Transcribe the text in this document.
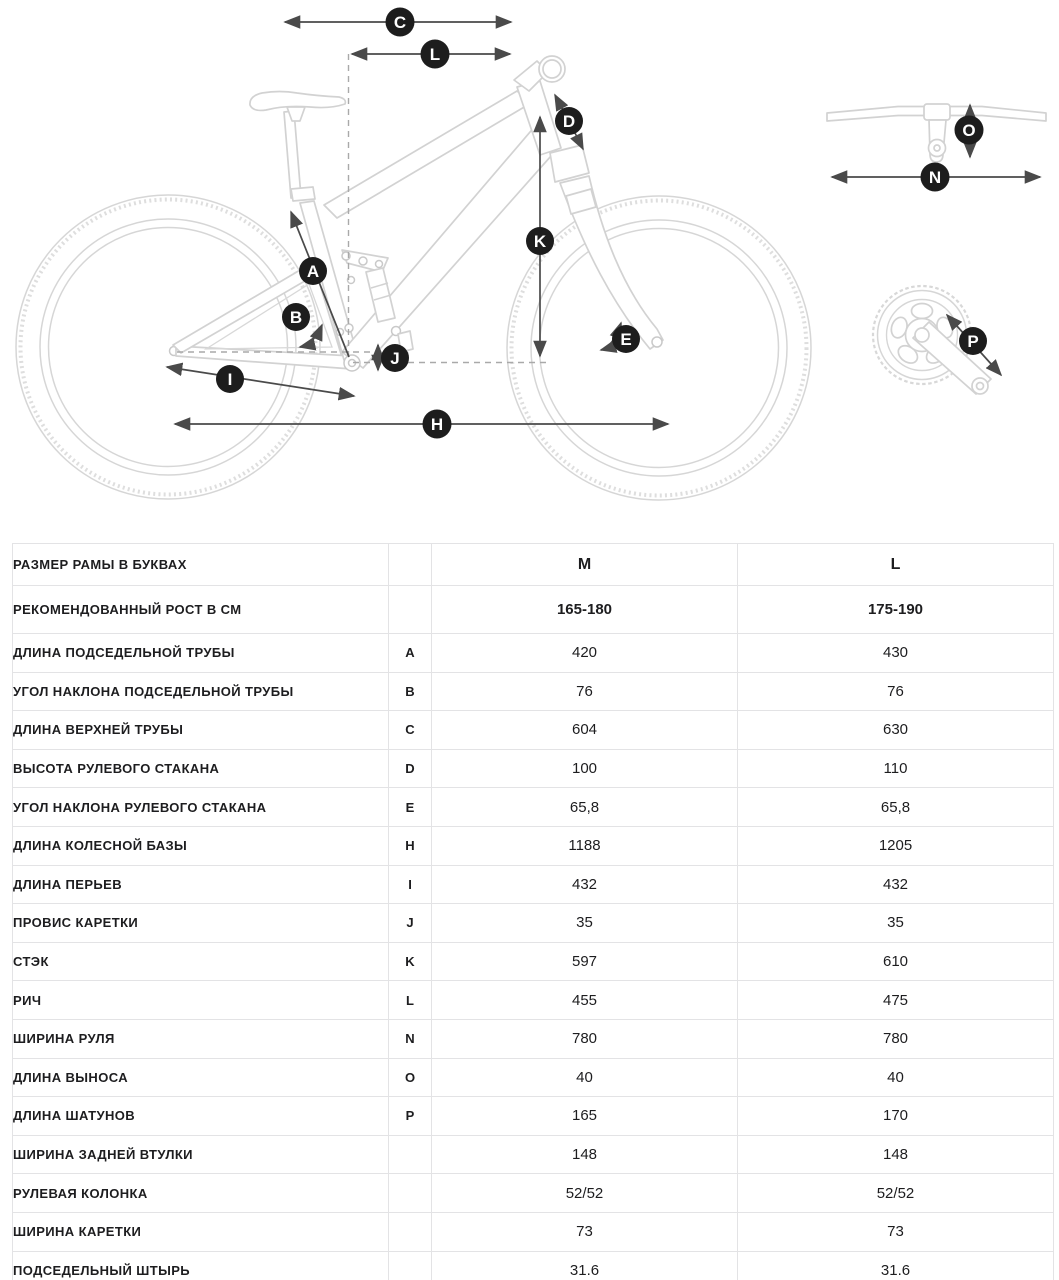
C
L
D
K
A
B
E
J
I
H
O
N
P
РАЗМЕР РАМЫ В БУКВАХ		M	L
РЕКОМЕНДОВАННЫЙ РОСТ В СМ		165-180	175-190
ДЛИНА ПОДСЕДЕЛЬНОЙ ТРУБЫ	A	420	430
УГОЛ НАКЛОНА ПОДСЕДЕЛЬНОЙ ТРУБЫ	B	76	76
ДЛИНА ВЕРХНЕЙ ТРУБЫ	C	604	630
ВЫСОТА РУЛЕВОГО СТАКАНА	D	100	110
УГОЛ НАКЛОНА РУЛЕВОГО СТАКАНА	E	65,8	65,8
ДЛИНА КОЛЕСНОЙ БАЗЫ	H	1188	1205
ДЛИНА ПЕРЬЕВ	I	432	432
ПРОВИС КАРЕТКИ	J	35	35
СТЭК	K	597	610
РИЧ	L	455	475
ШИРИНА РУЛЯ	N	780	780
ДЛИНА ВЫНОСА	O	40	40
ДЛИНА ШАТУНОВ	P	165	170
ШИРИНА ЗАДНЕЙ ВТУЛКИ		148	148
РУЛЕВАЯ КОЛОНКА		52/52	52/52
ШИРИНА КАРЕТКИ		73	73
ПОДСЕДЕЛЬНЫЙ ШТЫРЬ		31.6	31.6
